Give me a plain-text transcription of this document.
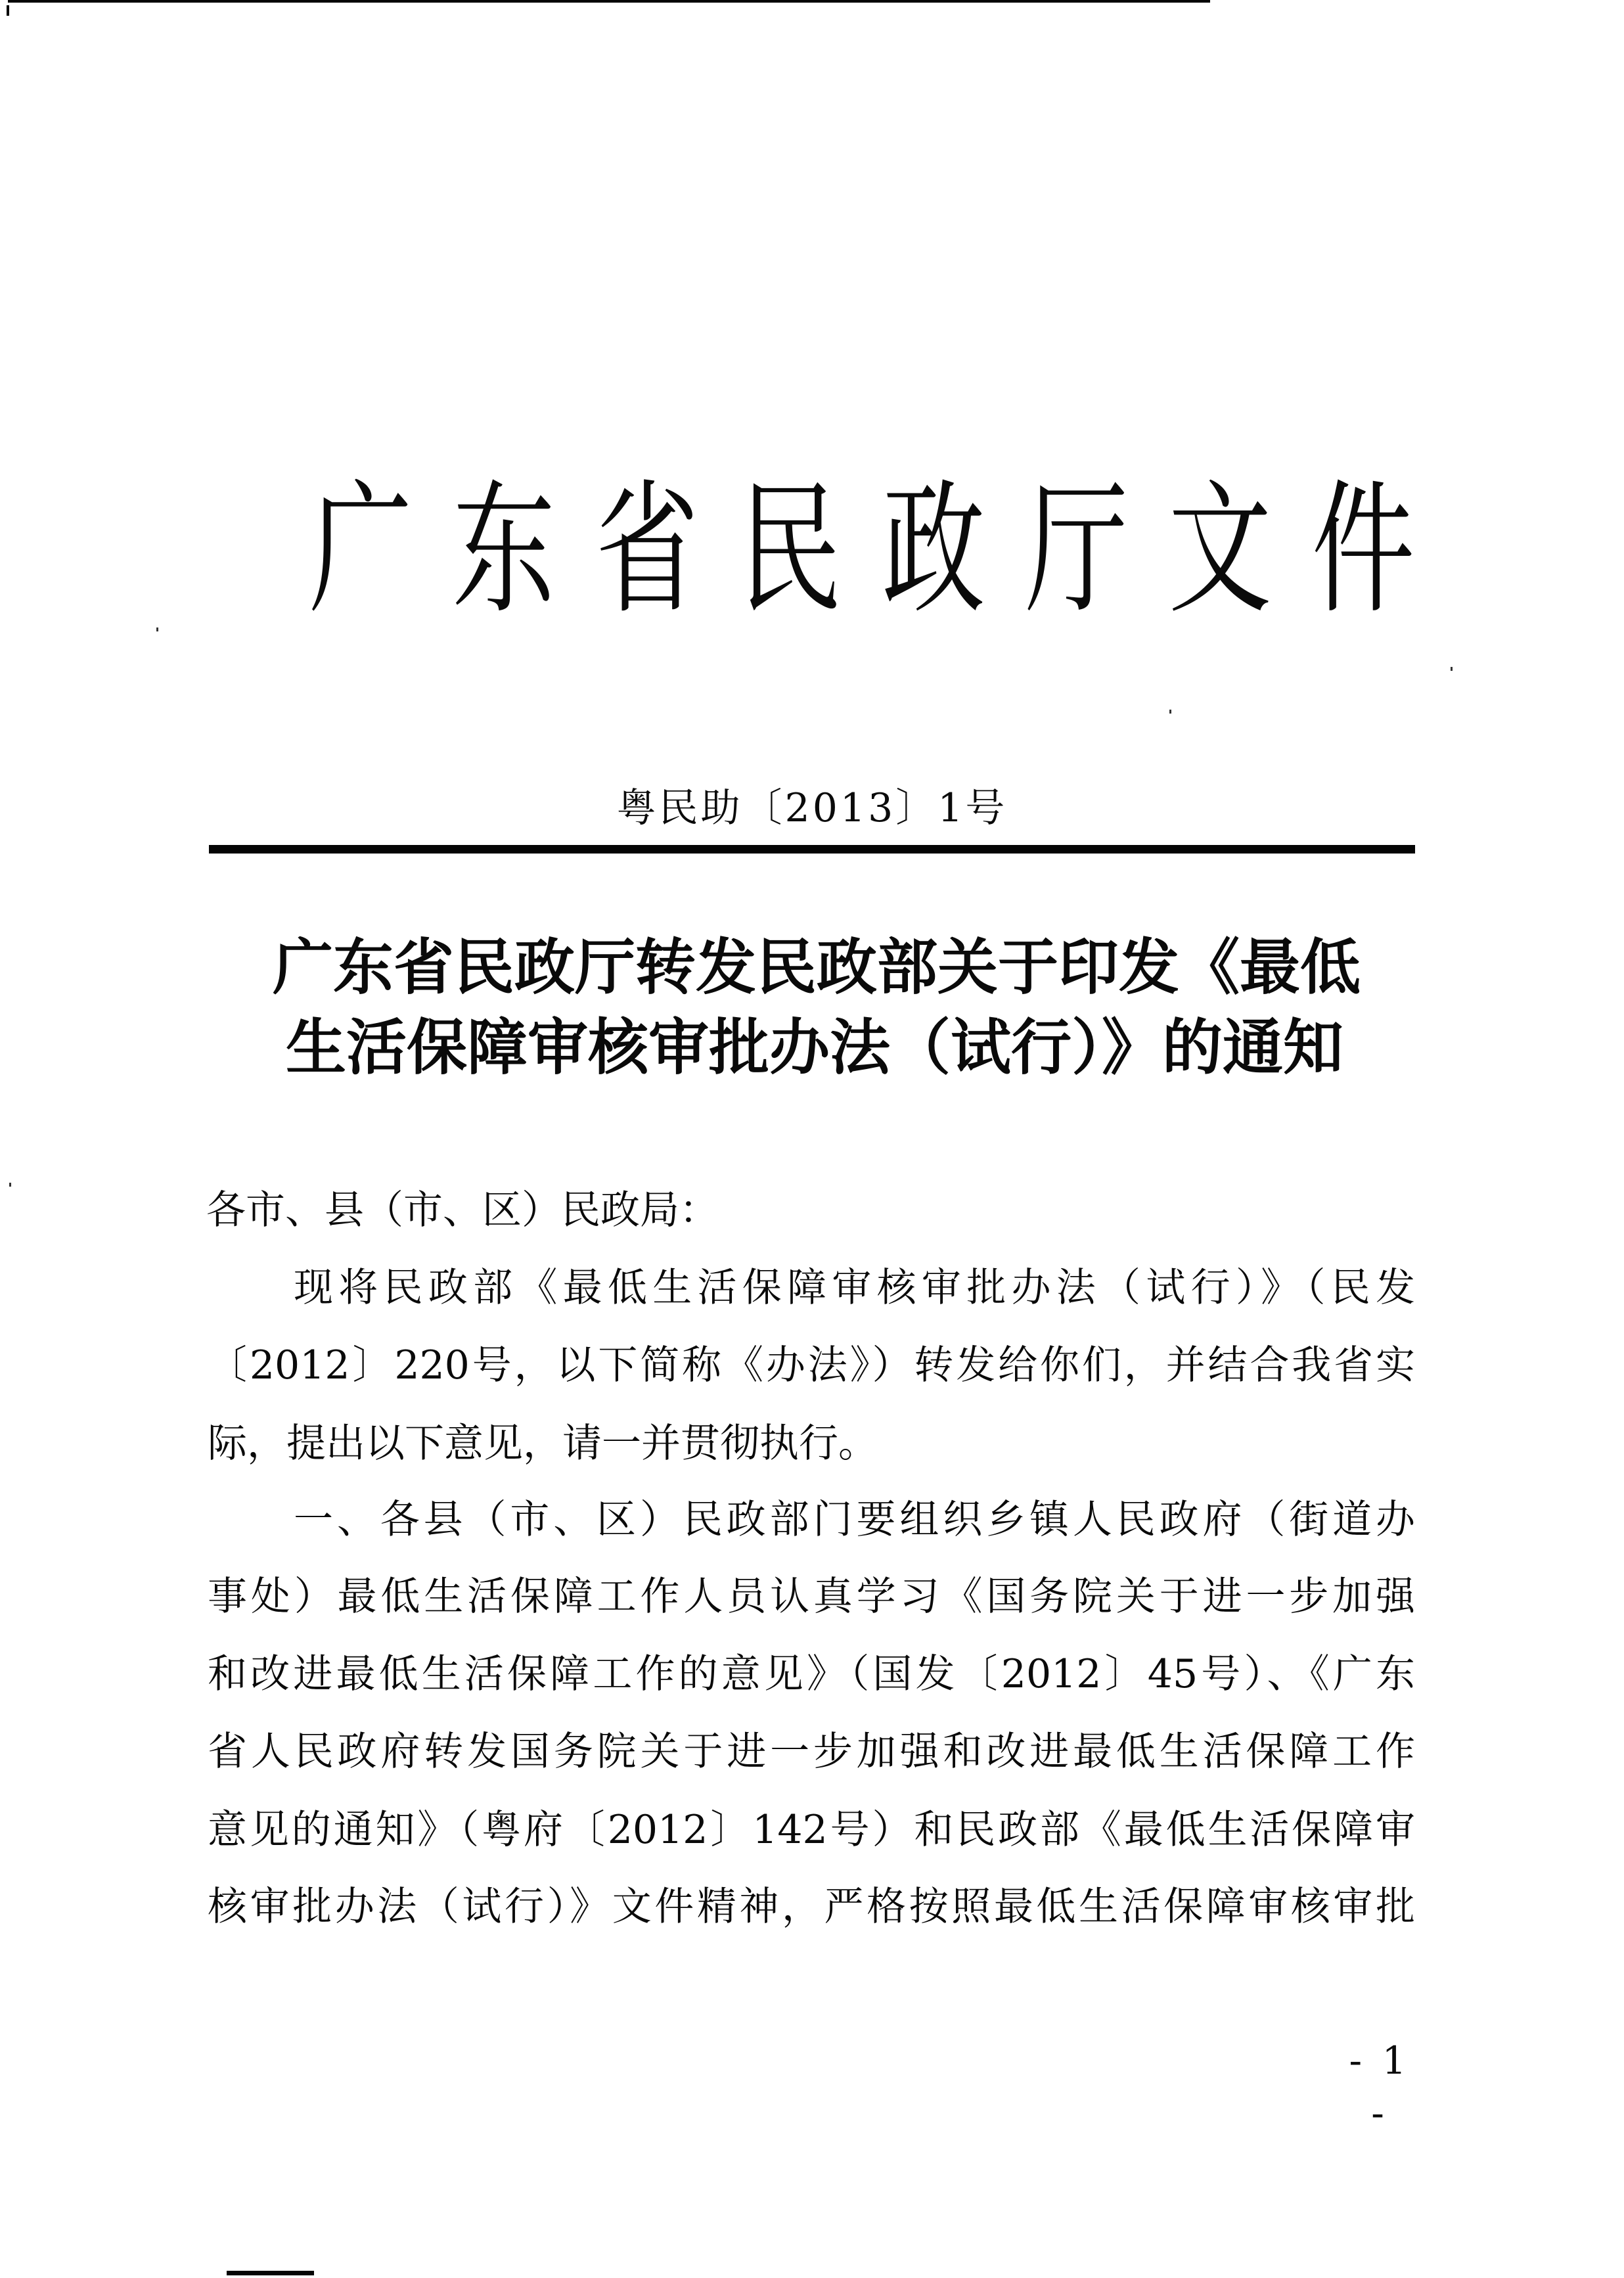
广 东 省 民 政 厅 文 件
粤民助〔2013〕1号
广东省民政厅转发民政部关于印发《最低
生活保障审核审批办法（试行）》的通知
各市、县（市、区）民政局：
现将民政部《最低生活保障审核审批办法（试行）》（民发
〔2012〕220号，以下简称《办法》）转发给你们，并结合我省实
际，提出以下意见，请一并贯彻执行。
一、各县（市、区）民政部门要组织乡镇人民政府（街道办
事处）最低生活保障工作人员认真学习《国务院关于进一步加强
和改进最低生活保障工作的意见》（国发〔2012〕45号）、《广东
省人民政府转发国务院关于进一步加强和改进最低生活保障工作
意见的通知》（粤府〔2012〕142号）和民政部《最低生活保障审
核审批办法（试行）》文件精神，严格按照最低生活保障审核审批
- 1 -
